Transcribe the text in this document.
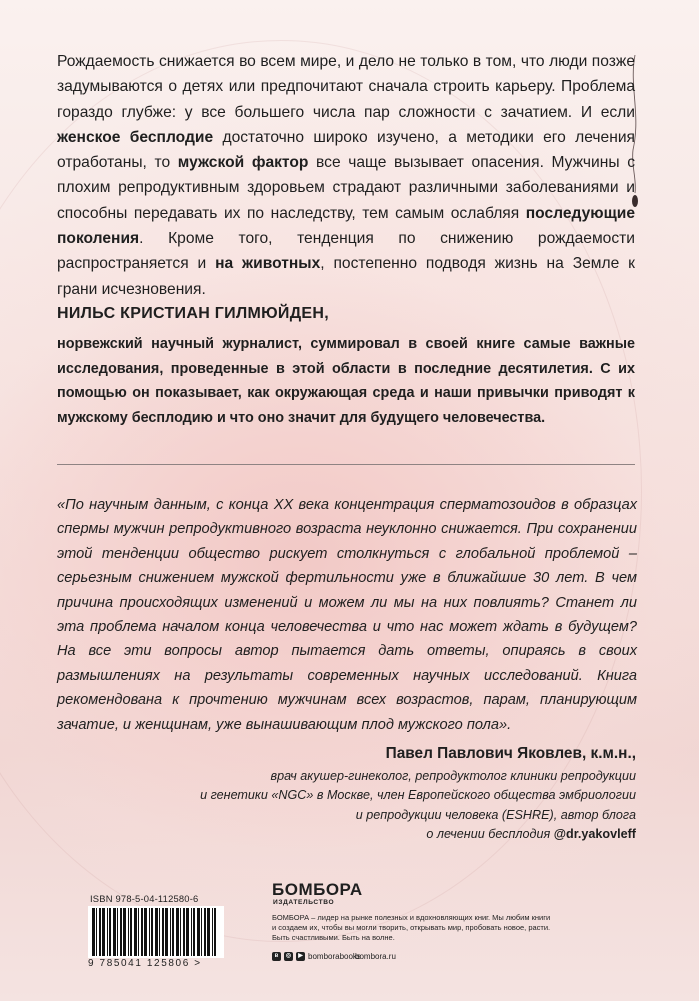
Рождаемость снижается во всем мире, и дело не только в том, что люди позже задумываются о детях или предпочитают сначала строить карьеру. Проблема гораздо глубже: у все большего числа пар сложности с зачатием. И если женское бесплодие достаточно широко изучено, а методики его лечения отработаны, то мужской фактор все чаще вызывает опасения. Мужчины с плохим репродуктивным здоровьем страдают различными заболеваниями и способны передавать их по наследству, тем самым ослабляя последующие поколения. Кроме того, тенденция по снижению рождаемости распространяется и на животных, постепенно подводя жизнь на Земле к грани исчезновения.
НИЛЬС КРИСТИАН ГИЛМЮЙДЕН,
норвежский научный журналист, суммировал в своей книге самые важные исследования, проведенные в этой области в последние десятилетия. С их помощью он показывает, как окружающая среда и наши привычки приводят к мужскому бесплодию и что оно значит для будущего человечества.
«По научным данным, с конца XX века концентрация сперматозоидов в образцах спермы мужчин репродуктивного возраста неуклонно снижается. При сохранении этой тенденции общество рискует столкнуться с глобальной проблемой – серьезным снижением мужской фертильности уже в ближайшие 30 лет. В чем причина происходящих изменений и можем ли мы на них повлиять? Станет ли эта проблема началом конца человечества и что нас может ждать в будущем? На все эти вопросы автор пытается дать ответы, опираясь в своих размышлениях на результаты современных научных исследований. Книга рекомендована к прочтению мужчинам всех возрастов, парам, планирующим зачатие, и женщинам, уже вынашивающим плод мужского пола».
Павел Павлович Яковлев, к.м.н.,
врач акушер-гинеколог, репродуктолог клиники репродукции
и генетики «NGC» в Москве, член Европейского общества эмбриологии
и репродукции человека (ESHRE), автор блога
о лечении бесплодия @dr.yakovleff
ISBN 978-5-04-112580-6
9 785041 125806 >
БОМБОРА
ИЗДАТЕЛЬСТВО
БОМБОРА – лидер на рынке полезных и вдохновляющих книг. Мы любим книги и создаем их, чтобы вы могли творить, открывать мир, пробовать новое, расти. Быть счастливыми. Быть на волне.
в	◎	▶ bomborabooks
bombora.ru
